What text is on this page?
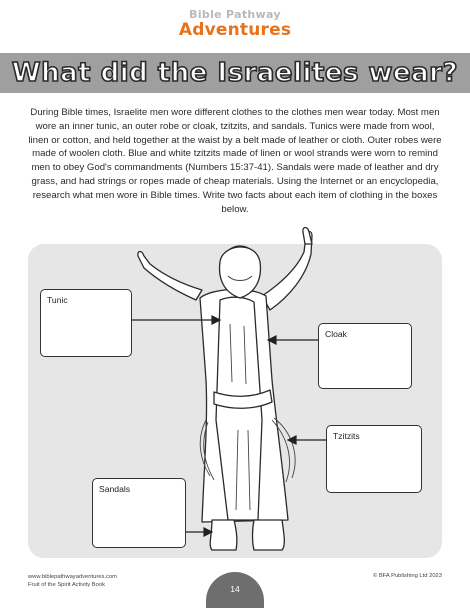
Bible Pathway
Adventures
What did the Israelites wear?
During Bible times, Israelite men wore different clothes to the clothes men wear today. Most men wore an inner tunic, an outer robe or cloak, tzitzits, and sandals. Tunics were made from wool, linen or cotton, and held together at the waist by a belt made of leather or cloth. Outer robes were made of woolen cloth. Blue and white tzitzits made of linen or wool strands were worn to remind men to obey God's commandments (Numbers 15:37-41). Sandals were made of leather and dry grass, and had strings or ropes made of cheap materials. Using the Internet or an encyclopedia, research what men wore in Bible times. Write two facts about each item of clothing in the boxes below.
Tunic
Cloak
Tzitzits
Sandals
www.biblepathwayadventures.com
Fruit of the Spirit Activity Book	14
© BFA Publishing Ltd 2023
